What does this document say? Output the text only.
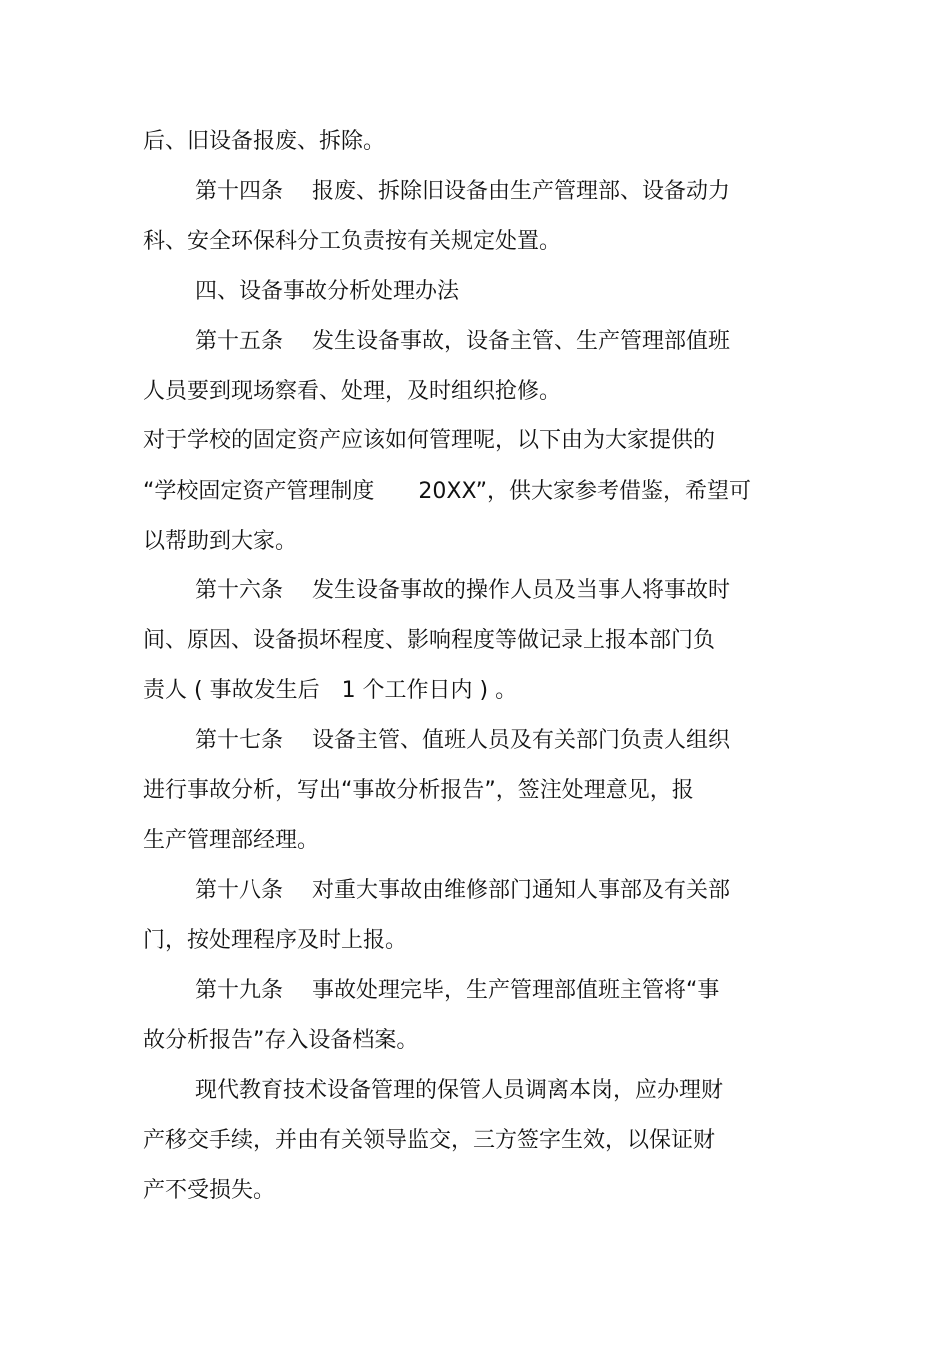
后、旧设备报废、拆除。

第十四条　 报废、拆除旧设备由生产管理部、设备动力

科、安全环保科分工负责按有关规定处置。

四、设备事故分析处理办法

第十五条　 发生设备事故，设备主管、生产管理部值班

人员要到现场察看、处理，及时组织抢修。

对于学校的固定资产应该如何管理呢，以下由为大家提供的

“学校固定资产管理制度　　20XX”，供大家参考借鉴，希望可

以帮助到大家。

第十六条　 发生设备事故的操作人员及当事人将事故时

间、原因、设备损坏程度、影响程度等做记录上报本部门负

责人 ( 事故发生后　1 个工作日内 ) 。

第十七条　 设备主管、值班人员及有关部门负责人组织

进行事故分析，写出“事故分析报告”，签注处理意见，报

生产管理部经理。

第十八条　 对重大事故由维修部门通知人事部及有关部

门，按处理程序及时上报。

第十九条　 事故处理完毕，生产管理部值班主管将“事

故分析报告”存入设备档案。

现代教育技术设备管理的保管人员调离本岗，应办理财

产移交手续，并由有关领导监交，三方签字生效，以保证财

产不受损失。
